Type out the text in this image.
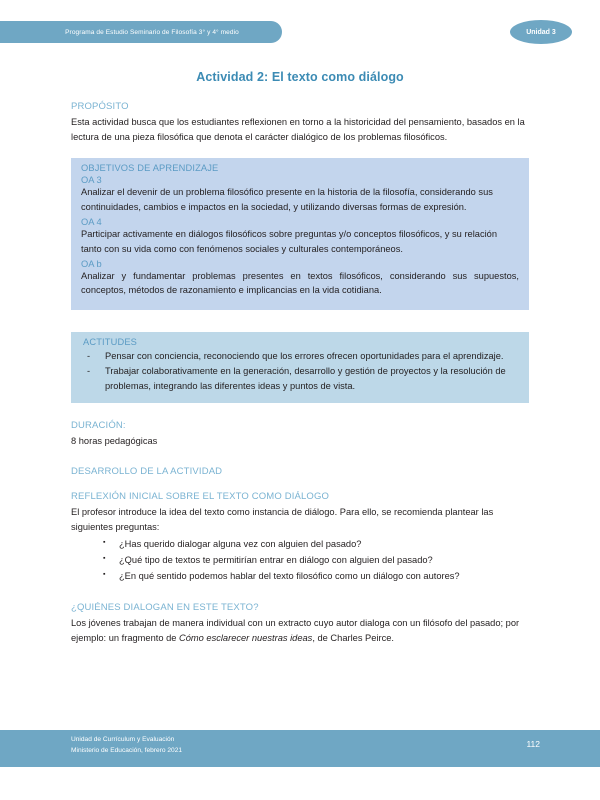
Programa de Estudio Seminario de Filosofía 3° y 4° medio	Unidad 3
Actividad 2: El texto como diálogo
PROPÓSITO
Esta actividad busca que los estudiantes reflexionen en torno a la historicidad del pensamiento, basados en la lectura de una pieza filosófica que denota el carácter dialógico de los problemas filosóficos.
OBJETIVOS DE APRENDIZAJE
OA 3

Analizar el devenir de un problema filosófico presente en la historia de la filosofía, considerando sus continuidades, cambios e impactos en la sociedad, y utilizando diversas formas de expresión.

OA 4

Participar activamente en diálogos filosóficos sobre preguntas y/o conceptos filosóficos, y su relación tanto con su vida como con fenómenos sociales y culturales contemporáneos.

OA b

Analizar y fundamentar problemas presentes en textos filosóficos, considerando sus supuestos, conceptos, métodos de razonamiento e implicancias en la vida cotidiana.

ACTITUDES
- Pensar con conciencia, reconociendo que los errores ofrecen oportunidades para el aprendizaje.
- Trabajar colaborativamente en la generación, desarrollo y gestión de proyectos y la resolución de problemas, integrando las diferentes ideas y puntos de vista.
DURACIÓN:
8 horas pedagógicas
DESARROLLO DE LA ACTIVIDAD
REFLEXIÓN INICIAL SOBRE EL TEXTO COMO DIÁLOGO
El profesor introduce la idea del texto como instancia de diálogo. Para ello, se recomienda plantear las siguientes preguntas:
▪ ¿Has querido dialogar alguna vez con alguien del pasado?
▪ ¿Qué tipo de textos te permitirían entrar en diálogo con alguien del pasado?
▪ ¿En qué sentido podemos hablar del texto filosófico como un diálogo con autores?
¿QUIÉNES DIALOGAN EN ESTE TEXTO?
Los jóvenes trabajan de manera individual con un extracto cuyo autor dialoga con un filósofo del pasado; por ejemplo: un fragmento de Cómo esclarecer nuestras ideas, de Charles Peirce.
Unidad de Currículum y Evaluación
Ministerio de Educación, febrero 2021
112
